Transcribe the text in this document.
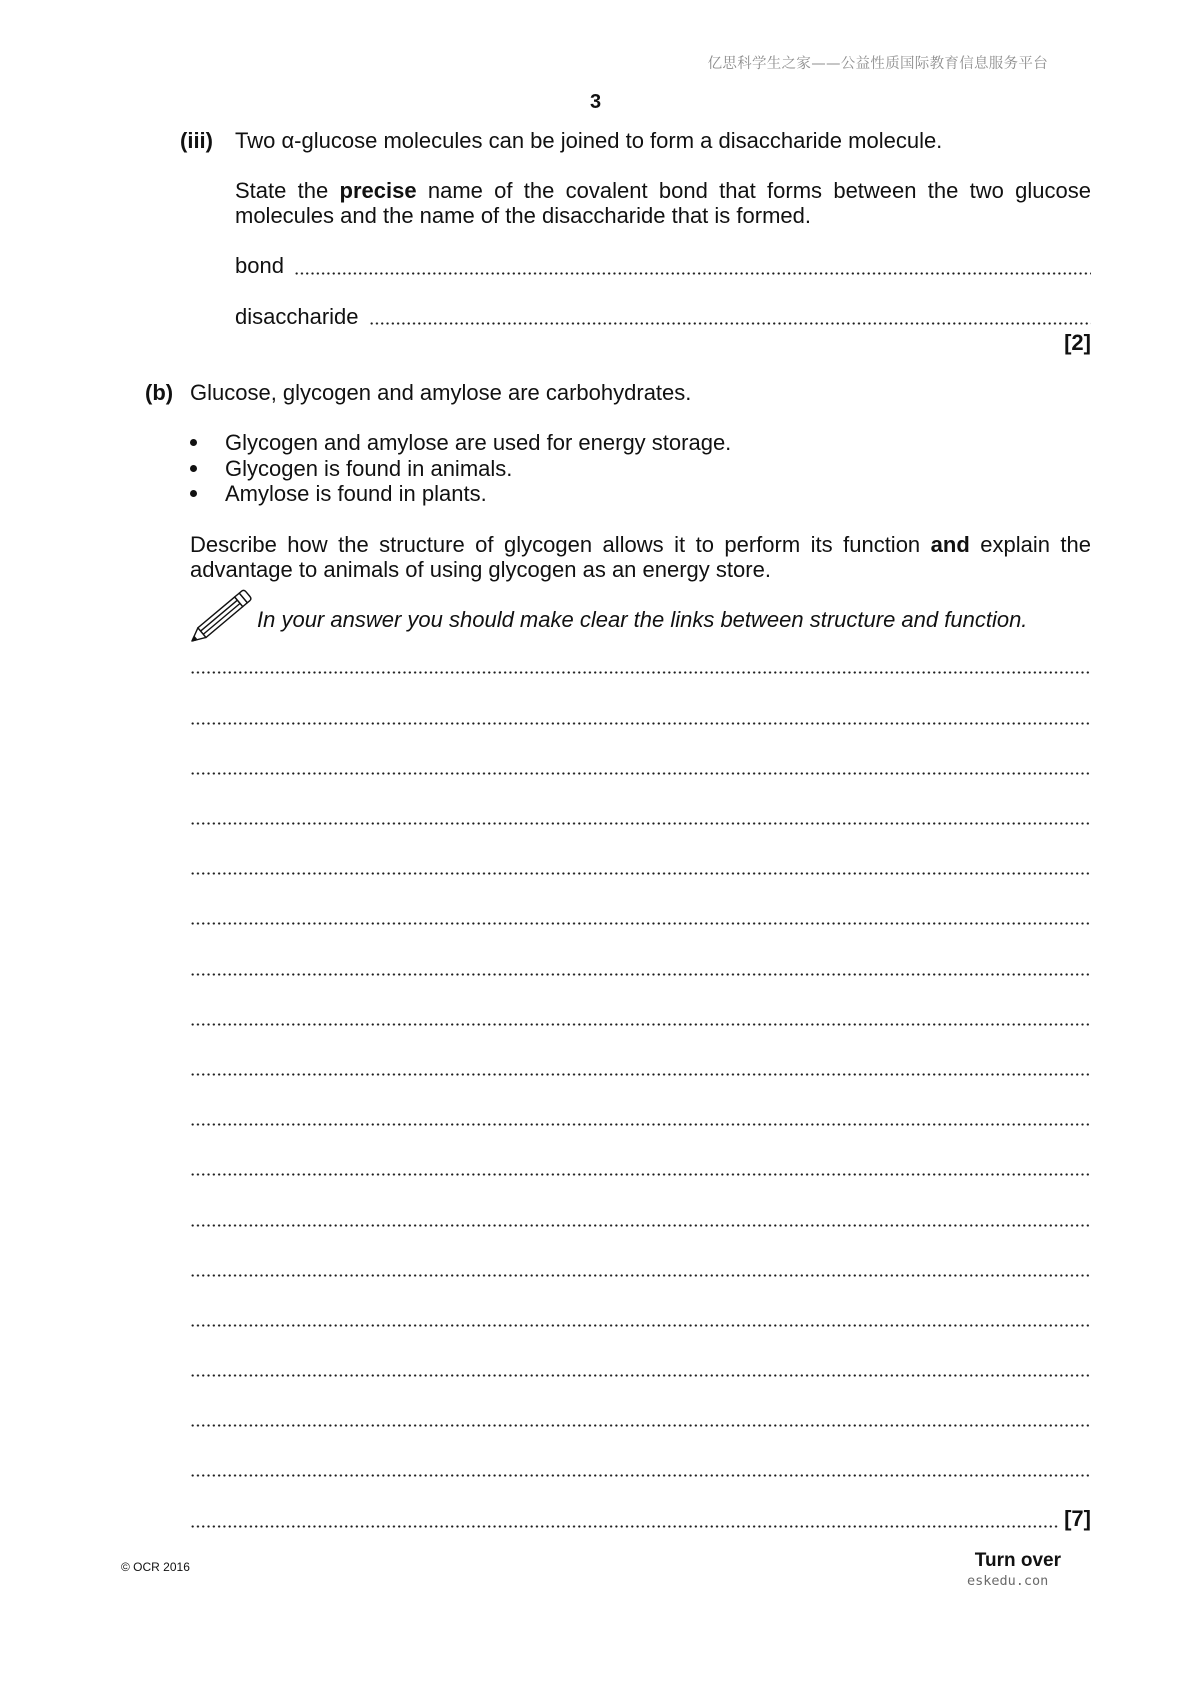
亿思科学生之家——公益性质国际教育信息服务平台
3
(iii) Two α-glucose molecules can be joined to form a disaccharide molecule.
State the precise name of the covalent bond that forms between the two glucose molecules and the name of the disaccharide that is formed.
bond
disaccharide
[2]
(b) Glucose, glycogen and amylose are carbohydrates.
Glycogen and amylose are used for energy storage.
Glycogen is found in animals.
Amylose is found in plants.
Describe how the structure of glycogen allows it to perform its function and explain the advantage to animals of using glycogen as an energy store.
In your answer you should make clear the links between structure and function.
[7]
© OCR 2016	Turn over
eskedu.con
